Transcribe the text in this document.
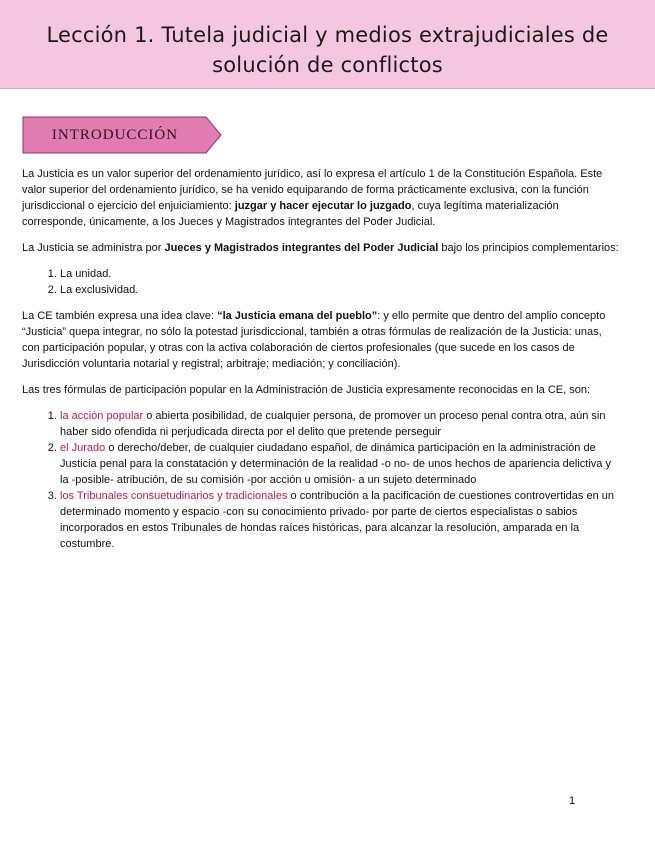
Lección 1. Tutela judicial y medios extrajudiciales de
solución de conflictos
INTRODUCCIÓN

La Justicia es un valor superior del ordenamiento jurídico, así lo expresa el artículo 1 de la Constitución Española. Este valor superior del ordenamiento jurídico, se ha venido equiparando de forma prácticamente exclusiva, con la función jurisdiccional o ejercicio del enjuiciamiento: juzgar y hacer ejecutar lo juzgado, cuya legítima materialización corresponde, únicamente, a los Jueces y Magistrados integrantes del Poder Judicial.

La Justicia se administra por Jueces y Magistrados integrantes del Poder Judicial bajo los principios complementarios:

1. La unidad.
2. La exclusividad.

La CE también expresa una idea clave: “la Justicia emana del pueblo”: y ello permite que dentro del amplio concepto “Justicia” quepa integrar, no sólo la potestad jurisdiccional, también a otras fórmulas de realización de la Justicia: unas, con participación popular, y otras con la activa colaboración de ciertos profesionales (que sucede en los casos de Jurisdicción voluntaria notarial y registral; arbitraje; mediación; y conciliación).

Las tres fórmulas de participación popular en la Administración de Justicia expresamente reconocidas en la CE, son:

1. la acción popular o abierta posibilidad, de cualquier persona, de promover un proceso penal contra otra, aún sin haber sido ofendida ni perjudicada directa por el delito que pretende perseguir
2. el Jurado o derecho/deber, de cualquier ciudadano español, de dinámica participación en la administración de Justicia penal para la constatación y determinación de la realidad -o no- de unos hechos de apariencia delictiva y la -posible- atribución, de su comisión -por acción u omisión- a un sujeto determinado
3. los Tribunales consuetudinarios y tradicionales o contribución a la pacificación de cuestiones controvertidas en un determinado momento y espacio -con su conocimiento privado- por parte de ciertos especialistas o sabios incorporados en estos Tribunales de hondas raíces históricas, para alcanzar la resolución, amparada en la costumbre.
1
